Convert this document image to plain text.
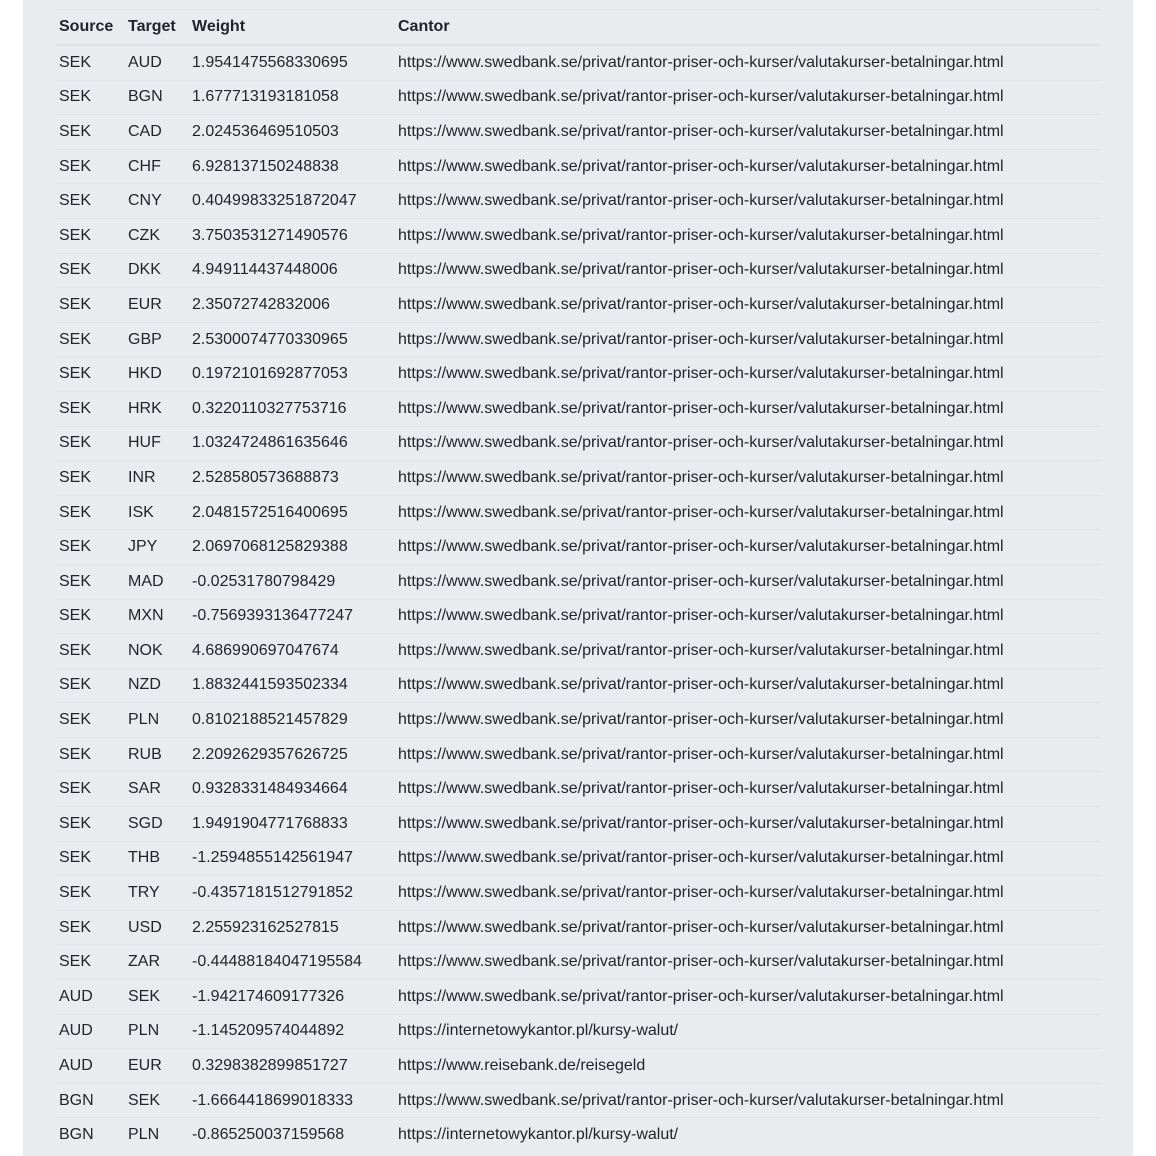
Source	Target	Weight	Cantor
SEK	AUD	1.9541475568330695	https://www.swedbank.se/privat/rantor-priser-och-kurser/valutakurser-betalningar.html
SEK	BGN	1.677713193181058	https://www.swedbank.se/privat/rantor-priser-och-kurser/valutakurser-betalningar.html
SEK	CAD	2.024536469510503	https://www.swedbank.se/privat/rantor-priser-och-kurser/valutakurser-betalningar.html
SEK	CHF	6.928137150248838	https://www.swedbank.se/privat/rantor-priser-och-kurser/valutakurser-betalningar.html
SEK	CNY	0.40499833251872047	https://www.swedbank.se/privat/rantor-priser-och-kurser/valutakurser-betalningar.html
SEK	CZK	3.7503531271490576	https://www.swedbank.se/privat/rantor-priser-och-kurser/valutakurser-betalningar.html
SEK	DKK	4.949114437448006	https://www.swedbank.se/privat/rantor-priser-och-kurser/valutakurser-betalningar.html
SEK	EUR	2.35072742832006	https://www.swedbank.se/privat/rantor-priser-och-kurser/valutakurser-betalningar.html
SEK	GBP	2.5300074770330965	https://www.swedbank.se/privat/rantor-priser-och-kurser/valutakurser-betalningar.html
SEK	HKD	0.1972101692877053	https://www.swedbank.se/privat/rantor-priser-och-kurser/valutakurser-betalningar.html
SEK	HRK	0.3220110327753716	https://www.swedbank.se/privat/rantor-priser-och-kurser/valutakurser-betalningar.html
SEK	HUF	1.0324724861635646	https://www.swedbank.se/privat/rantor-priser-och-kurser/valutakurser-betalningar.html
SEK	INR	2.528580573688873	https://www.swedbank.se/privat/rantor-priser-och-kurser/valutakurser-betalningar.html
SEK	ISK	2.0481572516400695	https://www.swedbank.se/privat/rantor-priser-och-kurser/valutakurser-betalningar.html
SEK	JPY	2.0697068125829388	https://www.swedbank.se/privat/rantor-priser-och-kurser/valutakurser-betalningar.html
SEK	MAD	-0.02531780798429	https://www.swedbank.se/privat/rantor-priser-och-kurser/valutakurser-betalningar.html
SEK	MXN	-0.7569393136477247	https://www.swedbank.se/privat/rantor-priser-och-kurser/valutakurser-betalningar.html
SEK	NOK	4.686990697047674	https://www.swedbank.se/privat/rantor-priser-och-kurser/valutakurser-betalningar.html
SEK	NZD	1.8832441593502334	https://www.swedbank.se/privat/rantor-priser-och-kurser/valutakurser-betalningar.html
SEK	PLN	0.8102188521457829	https://www.swedbank.se/privat/rantor-priser-och-kurser/valutakurser-betalningar.html
SEK	RUB	2.2092629357626725	https://www.swedbank.se/privat/rantor-priser-och-kurser/valutakurser-betalningar.html
SEK	SAR	0.9328331484934664	https://www.swedbank.se/privat/rantor-priser-och-kurser/valutakurser-betalningar.html
SEK	SGD	1.9491904771768833	https://www.swedbank.se/privat/rantor-priser-och-kurser/valutakurser-betalningar.html
SEK	THB	-1.2594855142561947	https://www.swedbank.se/privat/rantor-priser-och-kurser/valutakurser-betalningar.html
SEK	TRY	-0.4357181512791852	https://www.swedbank.se/privat/rantor-priser-och-kurser/valutakurser-betalningar.html
SEK	USD	2.255923162527815	https://www.swedbank.se/privat/rantor-priser-och-kurser/valutakurser-betalningar.html
SEK	ZAR	-0.44488184047195584	https://www.swedbank.se/privat/rantor-priser-och-kurser/valutakurser-betalningar.html
AUD	SEK	-1.942174609177326	https://www.swedbank.se/privat/rantor-priser-och-kurser/valutakurser-betalningar.html
AUD	PLN	-1.145209574044892	https://internetowykantor.pl/kursy-walut/
AUD	EUR	0.3298382899851727	https://www.reisebank.de/reisegeld
BGN	SEK	-1.6664418699018333	https://www.swedbank.se/privat/rantor-priser-och-kurser/valutakurser-betalningar.html
BGN	PLN	-0.865250037159568	https://internetowykantor.pl/kursy-walut/
